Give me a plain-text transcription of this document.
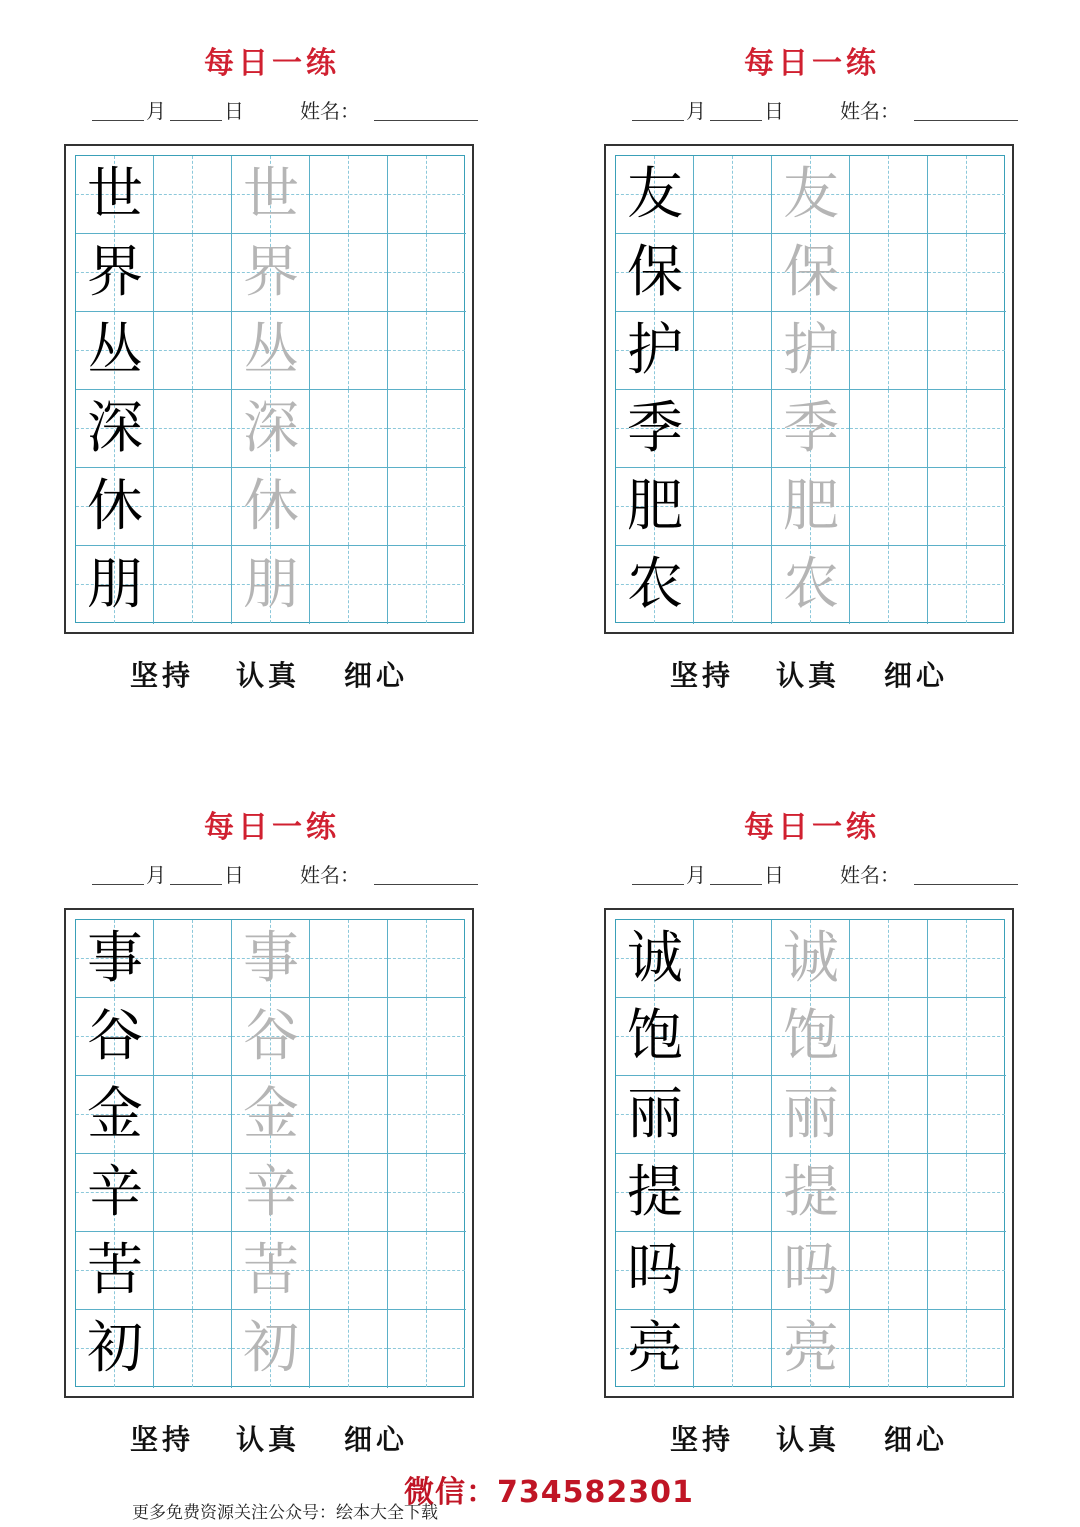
每日一练
月	日	姓名：
世 世
界 界
丛 丛
深 深
休 休
朋 朋
坚持 认真 细心
每日一练
月	日	姓名：
友 友
保 保
护 护
季 季
肥 肥
农 农
坚持 认真 细心
每日一练
月	日	姓名：
事 事
谷 谷
金 金
辛 辛
苦 苦
初 初
坚持 认真 细心
每日一练
月	日	姓名：
诚 诚
饱 饱
丽 丽
提 提
吗 吗
亮 亮
坚持 认真 细心
微信：734582301
更多免费资源关注公众号：绘本大全下载
